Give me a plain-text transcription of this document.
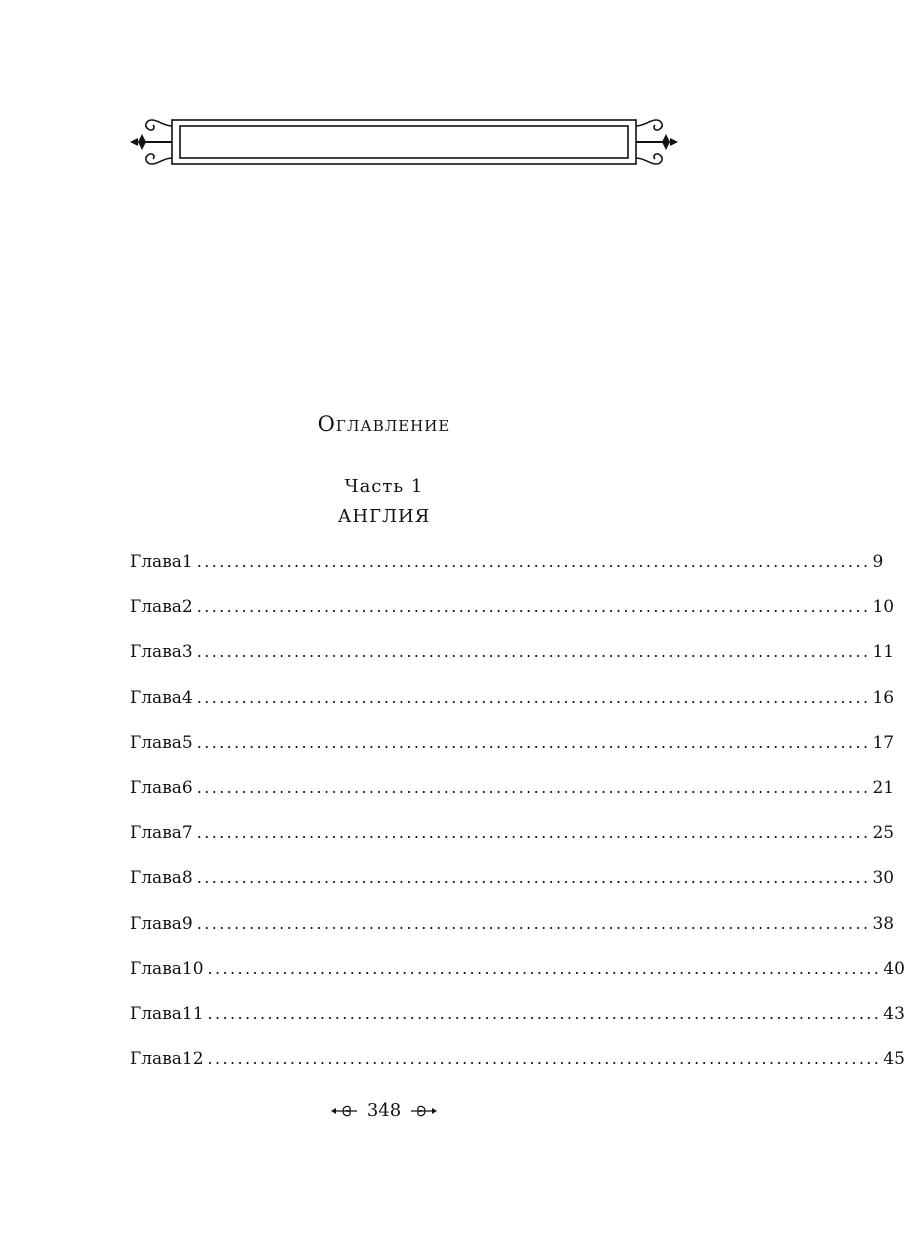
Оглавление
Часть 1
АНГЛИЯ
Глава 1 .......................................................................................... 9
Глава 2 .......................................................................................... 10
Глава 3 .......................................................................................... 11
Глава 4 .......................................................................................... 16
Глава 5 .......................................................................................... 17
Глава 6 .......................................................................................... 21
Глава 7 .......................................................................................... 25
Глава 8 .......................................................................................... 30
Глава 9 .......................................................................................... 38
Глава 10 .......................................................................................... 40
Глава 11 .......................................................................................... 43
Глава 12 .......................................................................................... 45
348
